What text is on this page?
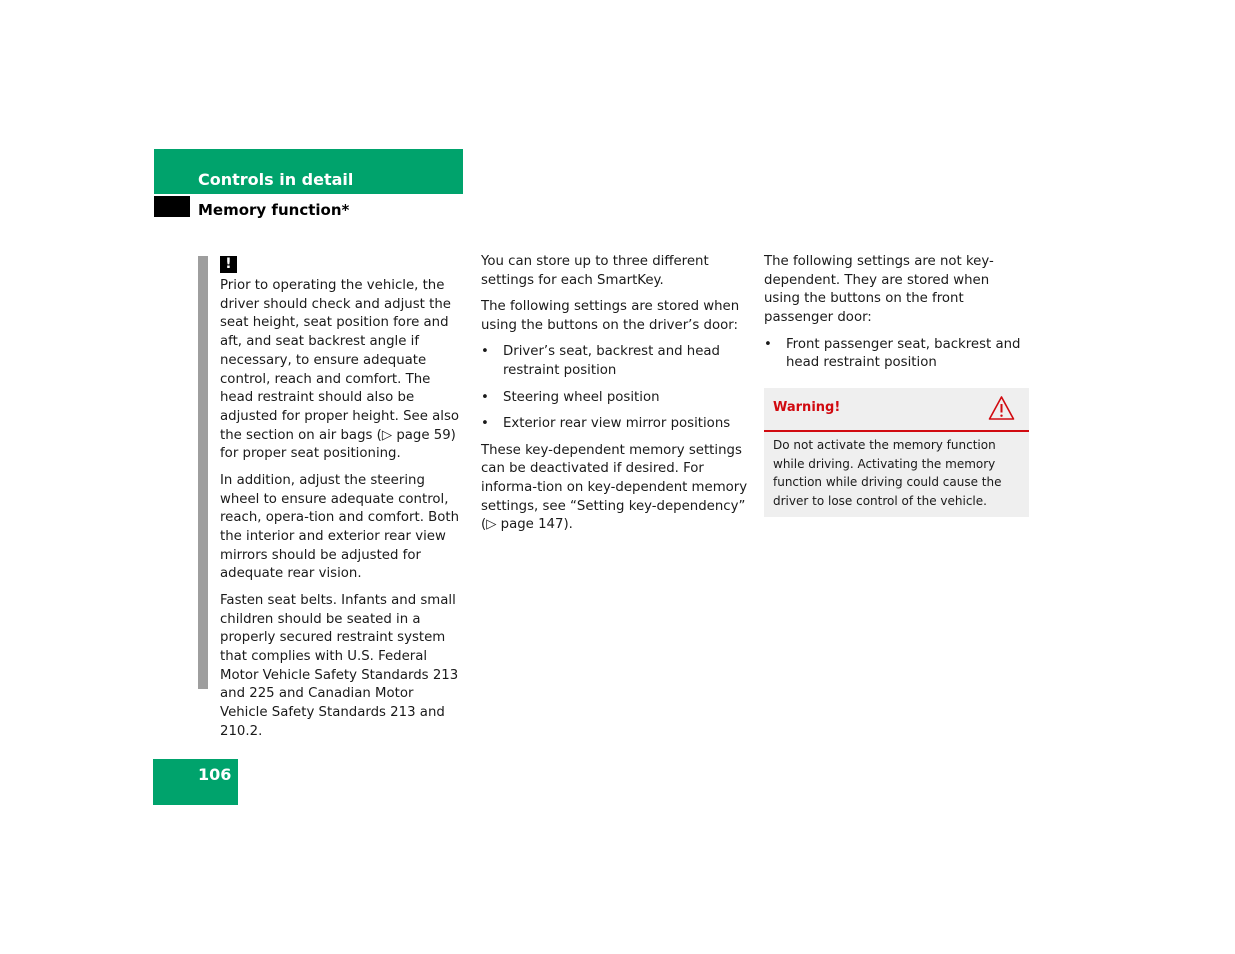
Controls in detail
Memory function*
!

Prior to operating the vehicle, the driver should check and adjust the seat height, seat position fore and aft, and seat backrest angle if necessary, to ensure adequate control, reach and comfort. The head restraint should also be adjusted for proper height. See also the section on air bags (▷ page 59) for proper seat positioning.

In addition, adjust the steering wheel to ensure adequate control, reach, opera-tion and comfort. Both the interior and exterior rear view mirrors should be adjusted for adequate rear vision.

Fasten seat belts. Infants and small children should be seated in a properly secured restraint system that complies with U.S. Federal Motor Vehicle Safety Standards 213 and 225 and Canadian Motor Vehicle Safety Standards 213 and 210.2.

You can store up to three different settings for each SmartKey.

The following settings are stored when using the buttons on the driver’s door:

• Driver’s seat, backrest and head restraint position
• Steering wheel position
• Exterior rear view mirror positions

These key-dependent memory settings can be deactivated if desired. For informa-tion on key-dependent memory settings, see “Setting key-dependency” (▷ page 147).

The following settings are not key-dependent. They are stored when using the buttons on the front passenger door:

• Front passenger seat, backrest and head restraint position
Warning!
Do not activate the memory function while driving. Activating the memory function while driving could cause the driver to lose control of the vehicle.
106
